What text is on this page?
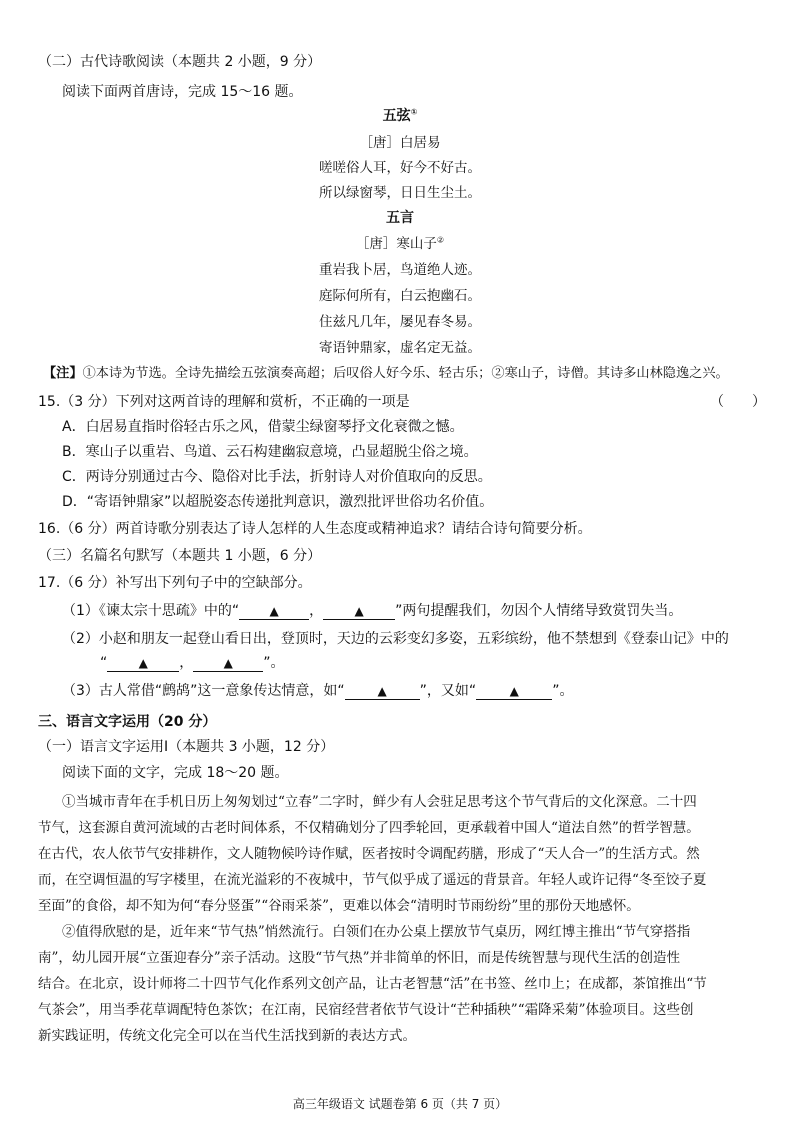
（二）古代诗歌阅读（本题共 2 小题，9 分）
阅读下面两首唐诗，完成 15～16 题。
五弦①
［唐］白居易
嗟嗟俗人耳，好今不好古。
所以绿窗琴，日日生尘土。
五言
［唐］寒山子②
重岩我卜居，鸟道绝人迹。
庭际何所有，白云抱幽石。
住兹凡几年，屡见春冬易。
寄语钟鼎家，虚名定无益。
【注】①本诗为节选。全诗先描绘五弦演奏高超；后叹俗人好今乐、轻古乐；②寒山子，诗僧。其诗多山林隐逸之兴。
15.（3 分）下列对这两首诗的理解和赏析，不正确的一项是	（　　）
A．白居易直指时俗轻古乐之风，借蒙尘绿窗琴抒文化衰微之憾。
B．寒山子以重岩、鸟道、云石构建幽寂意境，凸显超脱尘俗之境。
C．两诗分别通过古今、隐俗对比手法，折射诗人对价值取向的反思。
D．“寄语钟鼎家”以超脱姿态传递批判意识，激烈批评世俗功名价值。
16.（6 分）两首诗歌分别表达了诗人怎样的人生态度或精神追求？请结合诗句简要分析。
（三）名篇名句默写（本题共 1 小题，6 分）
17.（6 分）补写出下列句子中的空缺部分。
（1）《谏太宗十思疏》中的“	▲ ，	▲ ”两句提醒我们，勿因个人情绪导致赏罚失当。
（2）小赵和朋友一起登山看日出，登顶时，天边的云彩变幻多姿，五彩缤纷，他不禁想到《登泰山记》中的
“	▲ ，	▲ ”。
（3）古人常借“鹧鸪”这一意象传达情意，如“	▲ ”，又如“	▲ ”。
三、语言文字运用（20 分）
（一）语言文字运用Ⅰ（本题共 3 小题，12 分）
阅读下面的文字，完成 18～20 题。
①当城市青年在手机日历上匆匆划过“立春”二字时，鲜少有人会驻足思考这个节气背后的文化深意。二十四
节气，这套源自黄河流域的古老时间体系，不仅精确划分了四季轮回，更承载着中国人“道法自然”的哲学智慧。
在古代，农人依节气安排耕作，文人随物候吟诗作赋，医者按时令调配药膳，形成了“天人合一”的生活方式。然
而，在空调恒温的写字楼里，在流光溢彩的不夜城中，节气似乎成了遥远的背景音。年轻人或许记得“冬至饺子夏
至面”的食俗，却不知为何“春分竖蛋”“谷雨采茶”，更难以体会“清明时节雨纷纷”里的那份天地感怀。
②值得欣慰的是，近年来“节气热”悄然流行。白领们在办公桌上摆放节气桌历，网红博主推出“节气穿搭指
南”，幼儿园开展“立蛋迎春分”亲子活动。这股“节气热”并非简单的怀旧，而是传统智慧与现代生活的创造性
结合。在北京，设计师将二十四节气化作系列文创产品，让古老智慧“活”在书签、丝巾上；在成都，茶馆推出“节
气茶会”，用当季花草调配特色茶饮；在江南，民宿经营者依节气设计“芒种插秧”“霜降采菊”体验项目。这些创
新实践证明，传统文化完全可以在当代生活找到新的表达方式。
高三年级语文 试题卷第 6 页（共 7 页）
